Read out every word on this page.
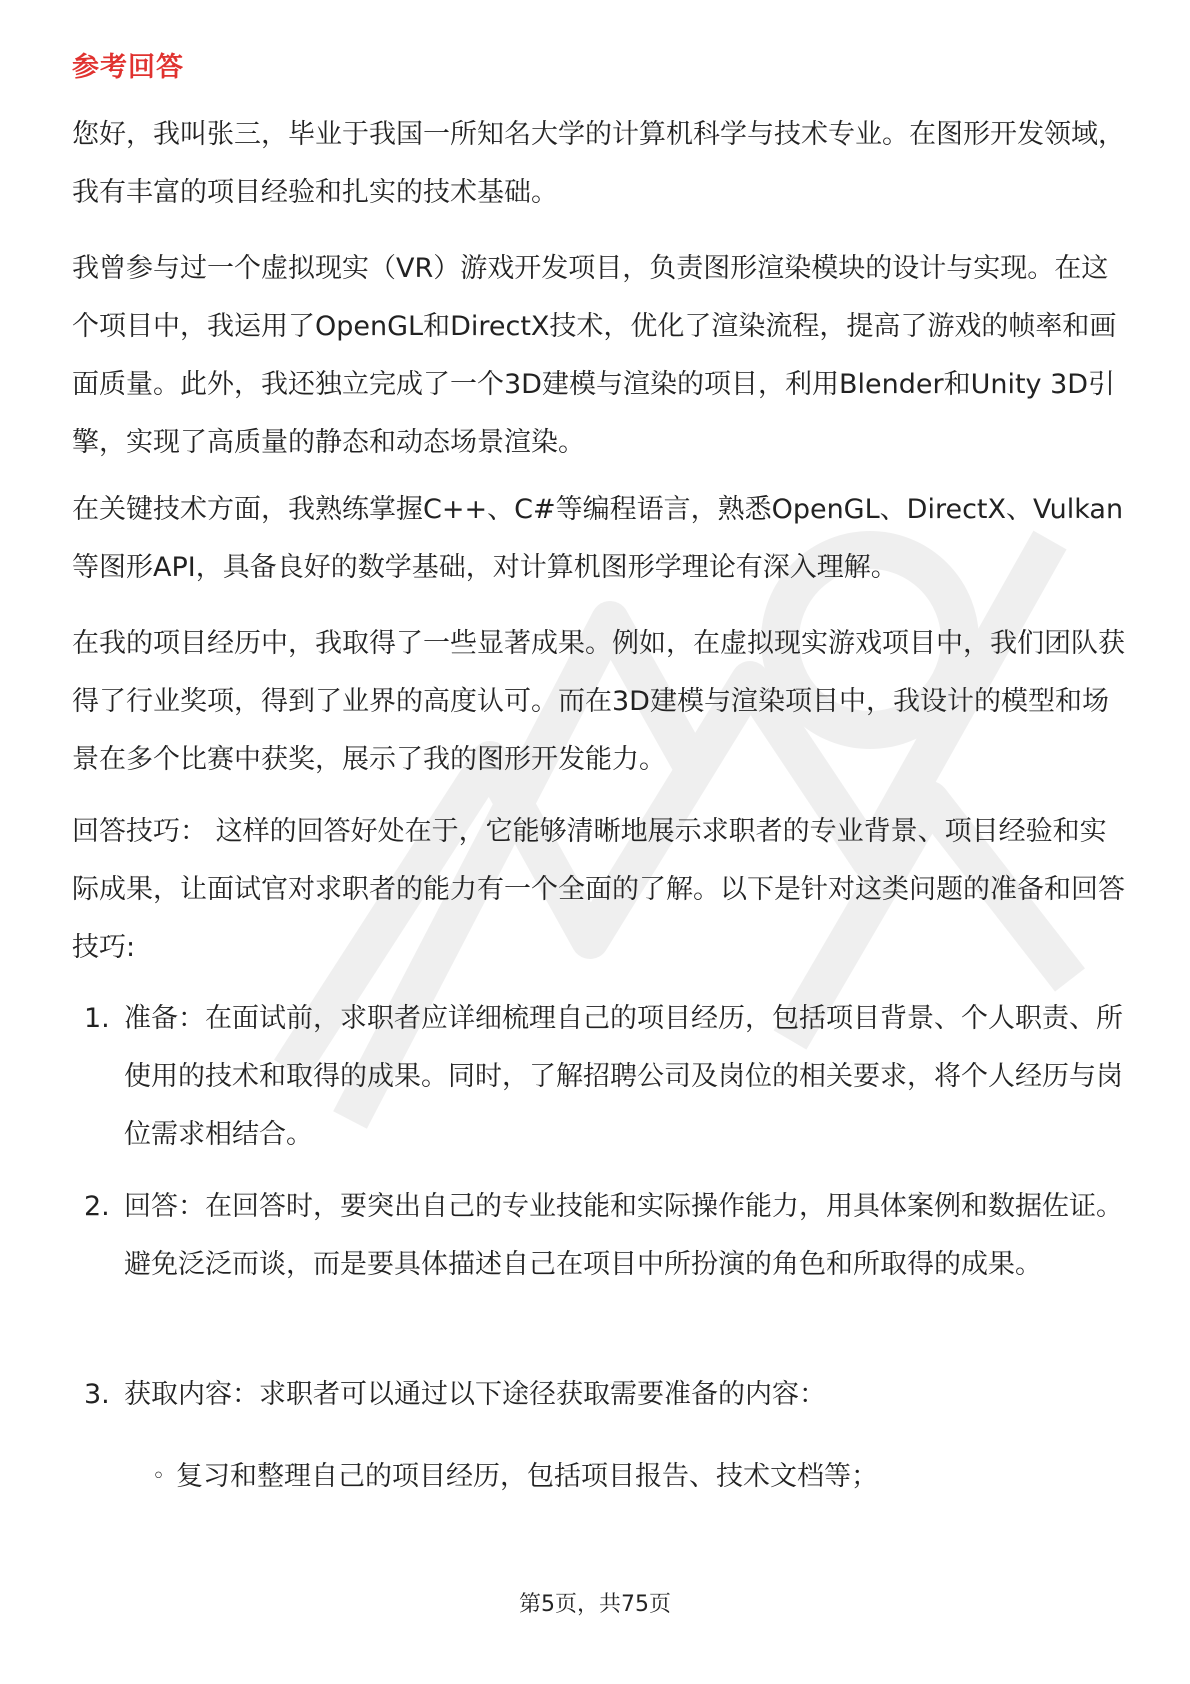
参考回答

您好，我叫张三，毕业于我国一所知名大学的计算机科学与技术专业。在图形开发领域，我有丰富的项目经验和扎实的技术基础。

我曾参与过一个虚拟现实（VR）游戏开发项目，负责图形渲染模块的设计与实现。在这个项目中，我运用了OpenGL和DirectX技术，优化了渲染流程，提高了游戏的帧率和画面质量。此外，我还独立完成了一个3D建模与渲染的项目，利用Blender和Unity 3D引擎，实现了高质量的静态和动态场景渲染。

在关键技术方面，我熟练掌握C++、C#等编程语言，熟悉OpenGL、DirectX、Vulkan等图形API，具备良好的数学基础，对计算机图形学理论有深入理解。

在我的项目经历中，我取得了一些显著成果。例如，在虚拟现实游戏项目中，我们团队获得了行业奖项，得到了业界的高度认可。而在3D建模与渲染项目中，我设计的模型和场景在多个比赛中获奖，展示了我的图形开发能力。

回答技巧： 这样的回答好处在于，它能够清晰地展示求职者的专业背景、项目经验和实际成果，让面试官对求职者的能力有一个全面的了解。以下是针对这类问题的准备和回答技巧:

1. 准备：在面试前，求职者应详细梳理自己的项目经历，包括项目背景、个人职责、所使用的技术和取得的成果。同时，了解招聘公司及岗位的相关要求，将个人经历与岗位需求相结合。

2. 回答：在回答时，要突出自己的专业技能和实际操作能力，用具体案例和数据佐证。避免泛泛而谈，而是要具体描述自己在项目中所扮演的角色和所取得的成果。

3. 获取内容：求职者可以通过以下途径获取需要准备的内容：

◦ 复习和整理自己的项目经历，包括项目报告、技术文档等；

第5页，共75页
